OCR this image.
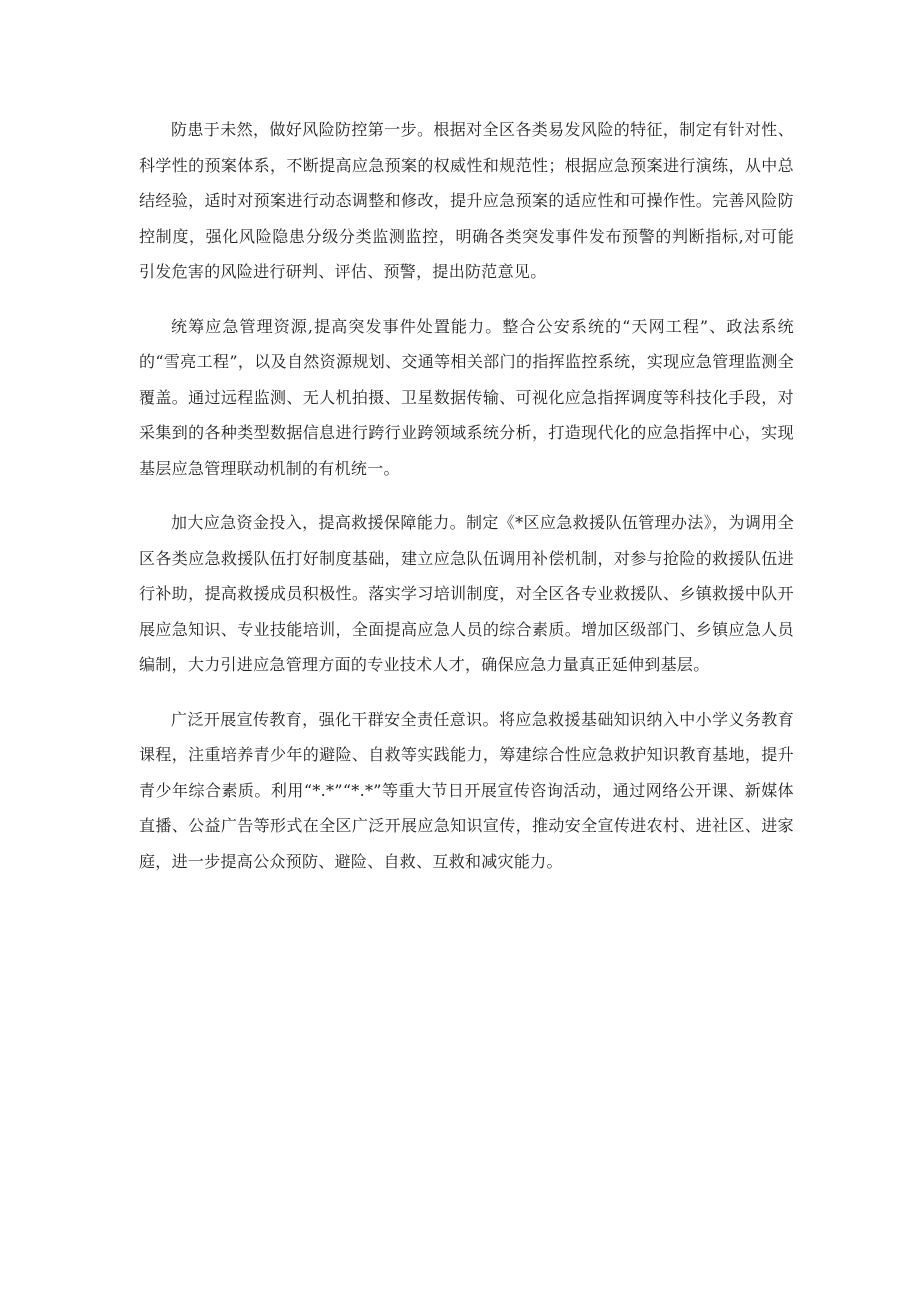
防患于未然，做好风险防控第一步。根据对全区各类易发风险的特征，制定有针对性、科学性的预案体系，不断提高应急预案的权威性和规范性；根据应急预案进行演练，从中总结经验，适时对预案进行动态调整和修改，提升应急预案的适应性和可操作性。完善风险防控制度，强化风险隐患分级分类监测监控，明确各类突发事件发布预警的判断指标,对可能引发危害的风险进行研判、评估、预警，提出防范意见。

统筹应急管理资源,提高突发事件处置能力。整合公安系统的“天网工程”、政法系统的“雪亮工程”，以及自然资源规划、交通等相关部门的指挥监控系统，实现应急管理监测全覆盖。通过远程监测、无人机拍摄、卫星数据传输、可视化应急指挥调度等科技化手段，对采集到的各种类型数据信息进行跨行业跨领域系统分析，打造现代化的应急指挥中心，实现基层应急管理联动机制的有机统一。

加大应急资金投入，提高救援保障能力。制定《*区应急救援队伍管理办法》，为调用全区各类应急救援队伍打好制度基础，建立应急队伍调用补偿机制，对参与抢险的救援队伍进行补助，提高救援成员积极性。落实学习培训制度，对全区各专业救援队、乡镇救援中队开展应急知识、专业技能培训，全面提高应急人员的综合素质。增加区级部门、乡镇应急人员编制，大力引进应急管理方面的专业技术人才，确保应急力量真正延伸到基层。

广泛开展宣传教育，强化干群安全责任意识。将应急救援基础知识纳入中小学义务教育课程，注重培养青少年的避险、自救等实践能力，筹建综合性应急救护知识教育基地，提升青少年综合素质。利用“*.*”“*.*”等重大节日开展宣传咨询活动，通过网络公开课、新媒体直播、公益广告等形式在全区广泛开展应急知识宣传，推动安全宣传进农村、进社区、进家庭，进一步提高公众预防、避险、自救、互救和减灾能力。
